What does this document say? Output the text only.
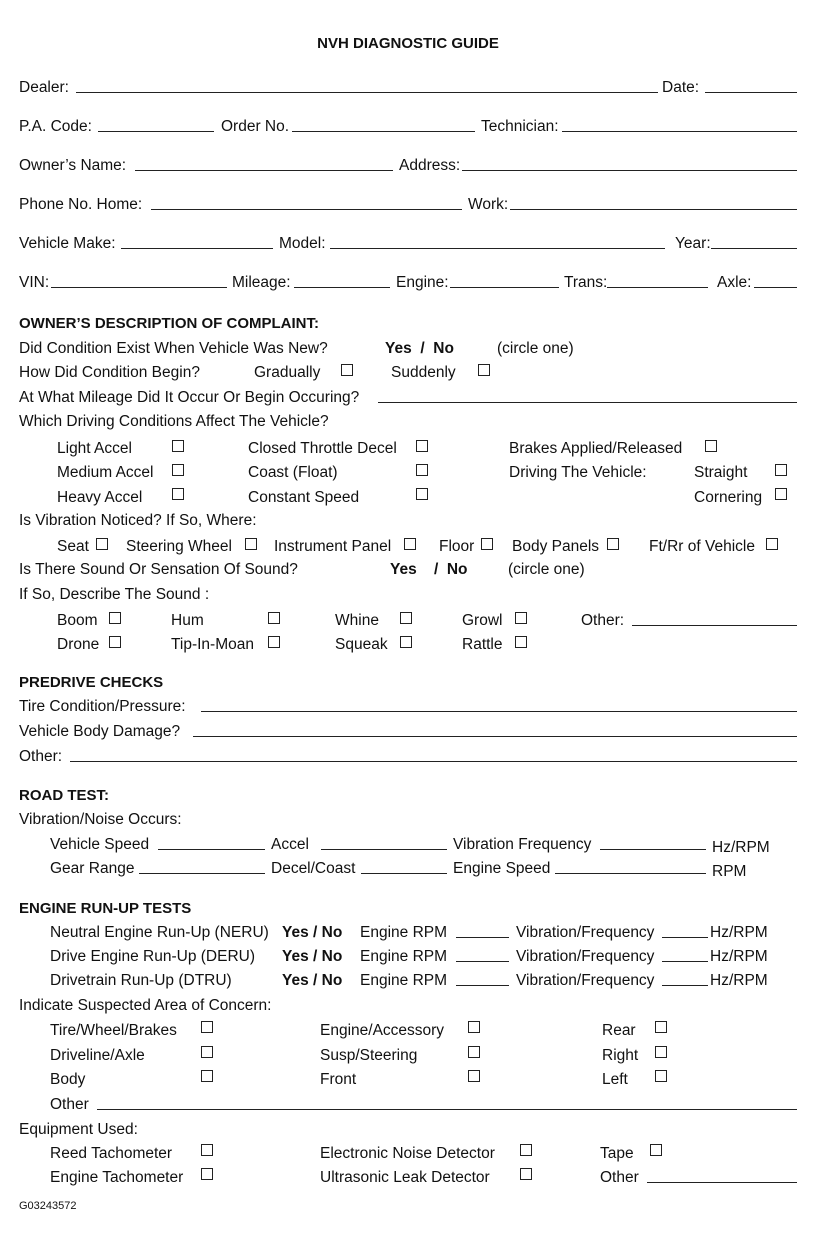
NVH DIAGNOSTIC GUIDE
Dealer:	Date:
P.A. Code:	Order No.	Technician:
Owner’s Name:	Address:
Phone No. Home:	Work:
Vehicle Make:	Model:	Year:
VIN:	Mileage:	Engine:	Trans:	Axle:
OWNER’S DESCRIPTION OF COMPLAINT:
Did Condition Exist When Vehicle Was New?	Yes  /  No	(circle one)
How Did Condition Begin?	Gradually	Suddenly
At What Mileage Did It Occur Or Begin Occuring?
Which Driving Conditions Affect The Vehicle?
Light Accel	Closed Throttle Decel	Brakes Applied/Released
Medium Accel	Coast (Float)	Driving The Vehicle:	Straight
Heavy Accel	Constant Speed	Cornering
Is Vibration Noticed? If So, Where:
Seat Steering Wheel	Instrument Panel	Floor Body Panels	Ft/Rr of Vehicle
Is There Sound Or Sensation Of Sound?	Yes    /  No	(circle one)
If So, Describe The Sound :
Boom	Hum	Whine	Growl	Other:
Drone	Tip-In-Moan	Squeak	Rattle
PREDRIVE CHECKS
Tire Condition/Pressure:
Vehicle Body Damage?
Other:
ROAD TEST:
Vibration/Noise Occurs:
Vehicle Speed	Accel	Vibration Frequency	Hz/RPM
Gear Range	Decel/Coast	Engine Speed	RPM
ENGINE RUN-UP TESTS
Neutral Engine Run-Up (NERU) Yes / No Engine RPM	Vibration/Frequency	Hz/RPM
Drive Engine Run-Up (DERU) Yes / No Engine RPM	Vibration/Frequency	Hz/RPM
Drivetrain Run-Up (DTRU)	Yes / No Engine RPM	Vibration/Frequency	Hz/RPM
Indicate Suspected Area of Concern:
Tire/Wheel/Brakes	Engine/Accessory	Rear
Driveline/Axle	Susp/Steering	Right
Body	Front	Left
Other
Equipment Used:
Reed Tachometer	Electronic Noise Detector	Tape
Engine Tachometer	Ultrasonic Leak Detector	Other
G03243572
